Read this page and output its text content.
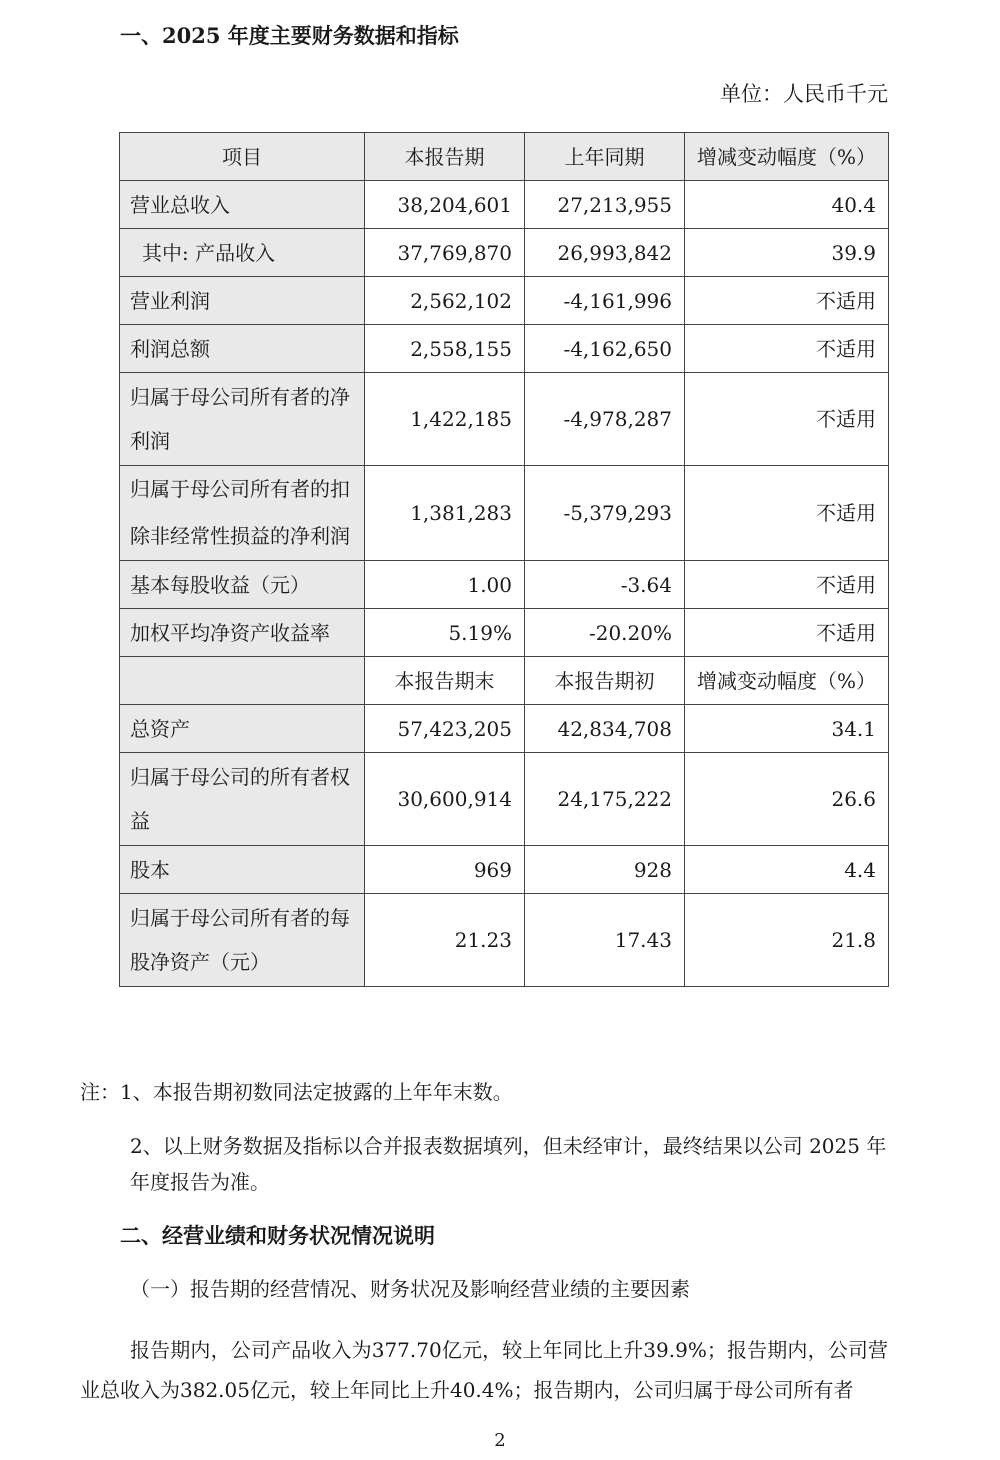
一、2025 年度主要财务数据和指标
单位：人民币千元
项目	本报告期	上年同期	增减变动幅度（%）
营业总收入	38,204,601	27,213,955	40.4
其中: 产品收入	37,769,870	26,993,842	39.9
营业利润	2,562,102	-4,161,996	不适用
利润总额	2,558,155	-4,162,650	不适用
归属于母公司所有者的净利润	1,422,185	-4,978,287	不适用
归属于母公司所有者的扣除非经常性损益的净利润	1,381,283	-5,379,293	不适用
基本每股收益（元）	1.00	-3.64	不适用
加权平均净资产收益率	5.19%	-20.20%	不适用
	本报告期末	本报告期初	增减变动幅度（%）
总资产	57,423,205	42,834,708	34.1
归属于母公司的所有者权益	30,600,914	24,175,222	26.6
股本	969	928	4.4
归属于母公司所有者的每股净资产（元）	21.23	17.43	21.8
注：1、本报告期初数同法定披露的上年年末数。
2、以上财务数据及指标以合并报表数据填列，但未经审计，最终结果以公司 2025 年年度报告为准。
二、经营业绩和财务状况情况说明
（一）报告期的经营情况、财务状况及影响经营业绩的主要因素
报告期内，公司产品收入为377.70亿元，较上年同比上升39.9%；报告期内，公司营业总收入为382.05亿元，较上年同比上升40.4%；报告期内，公司归属于母公司所有者
2
